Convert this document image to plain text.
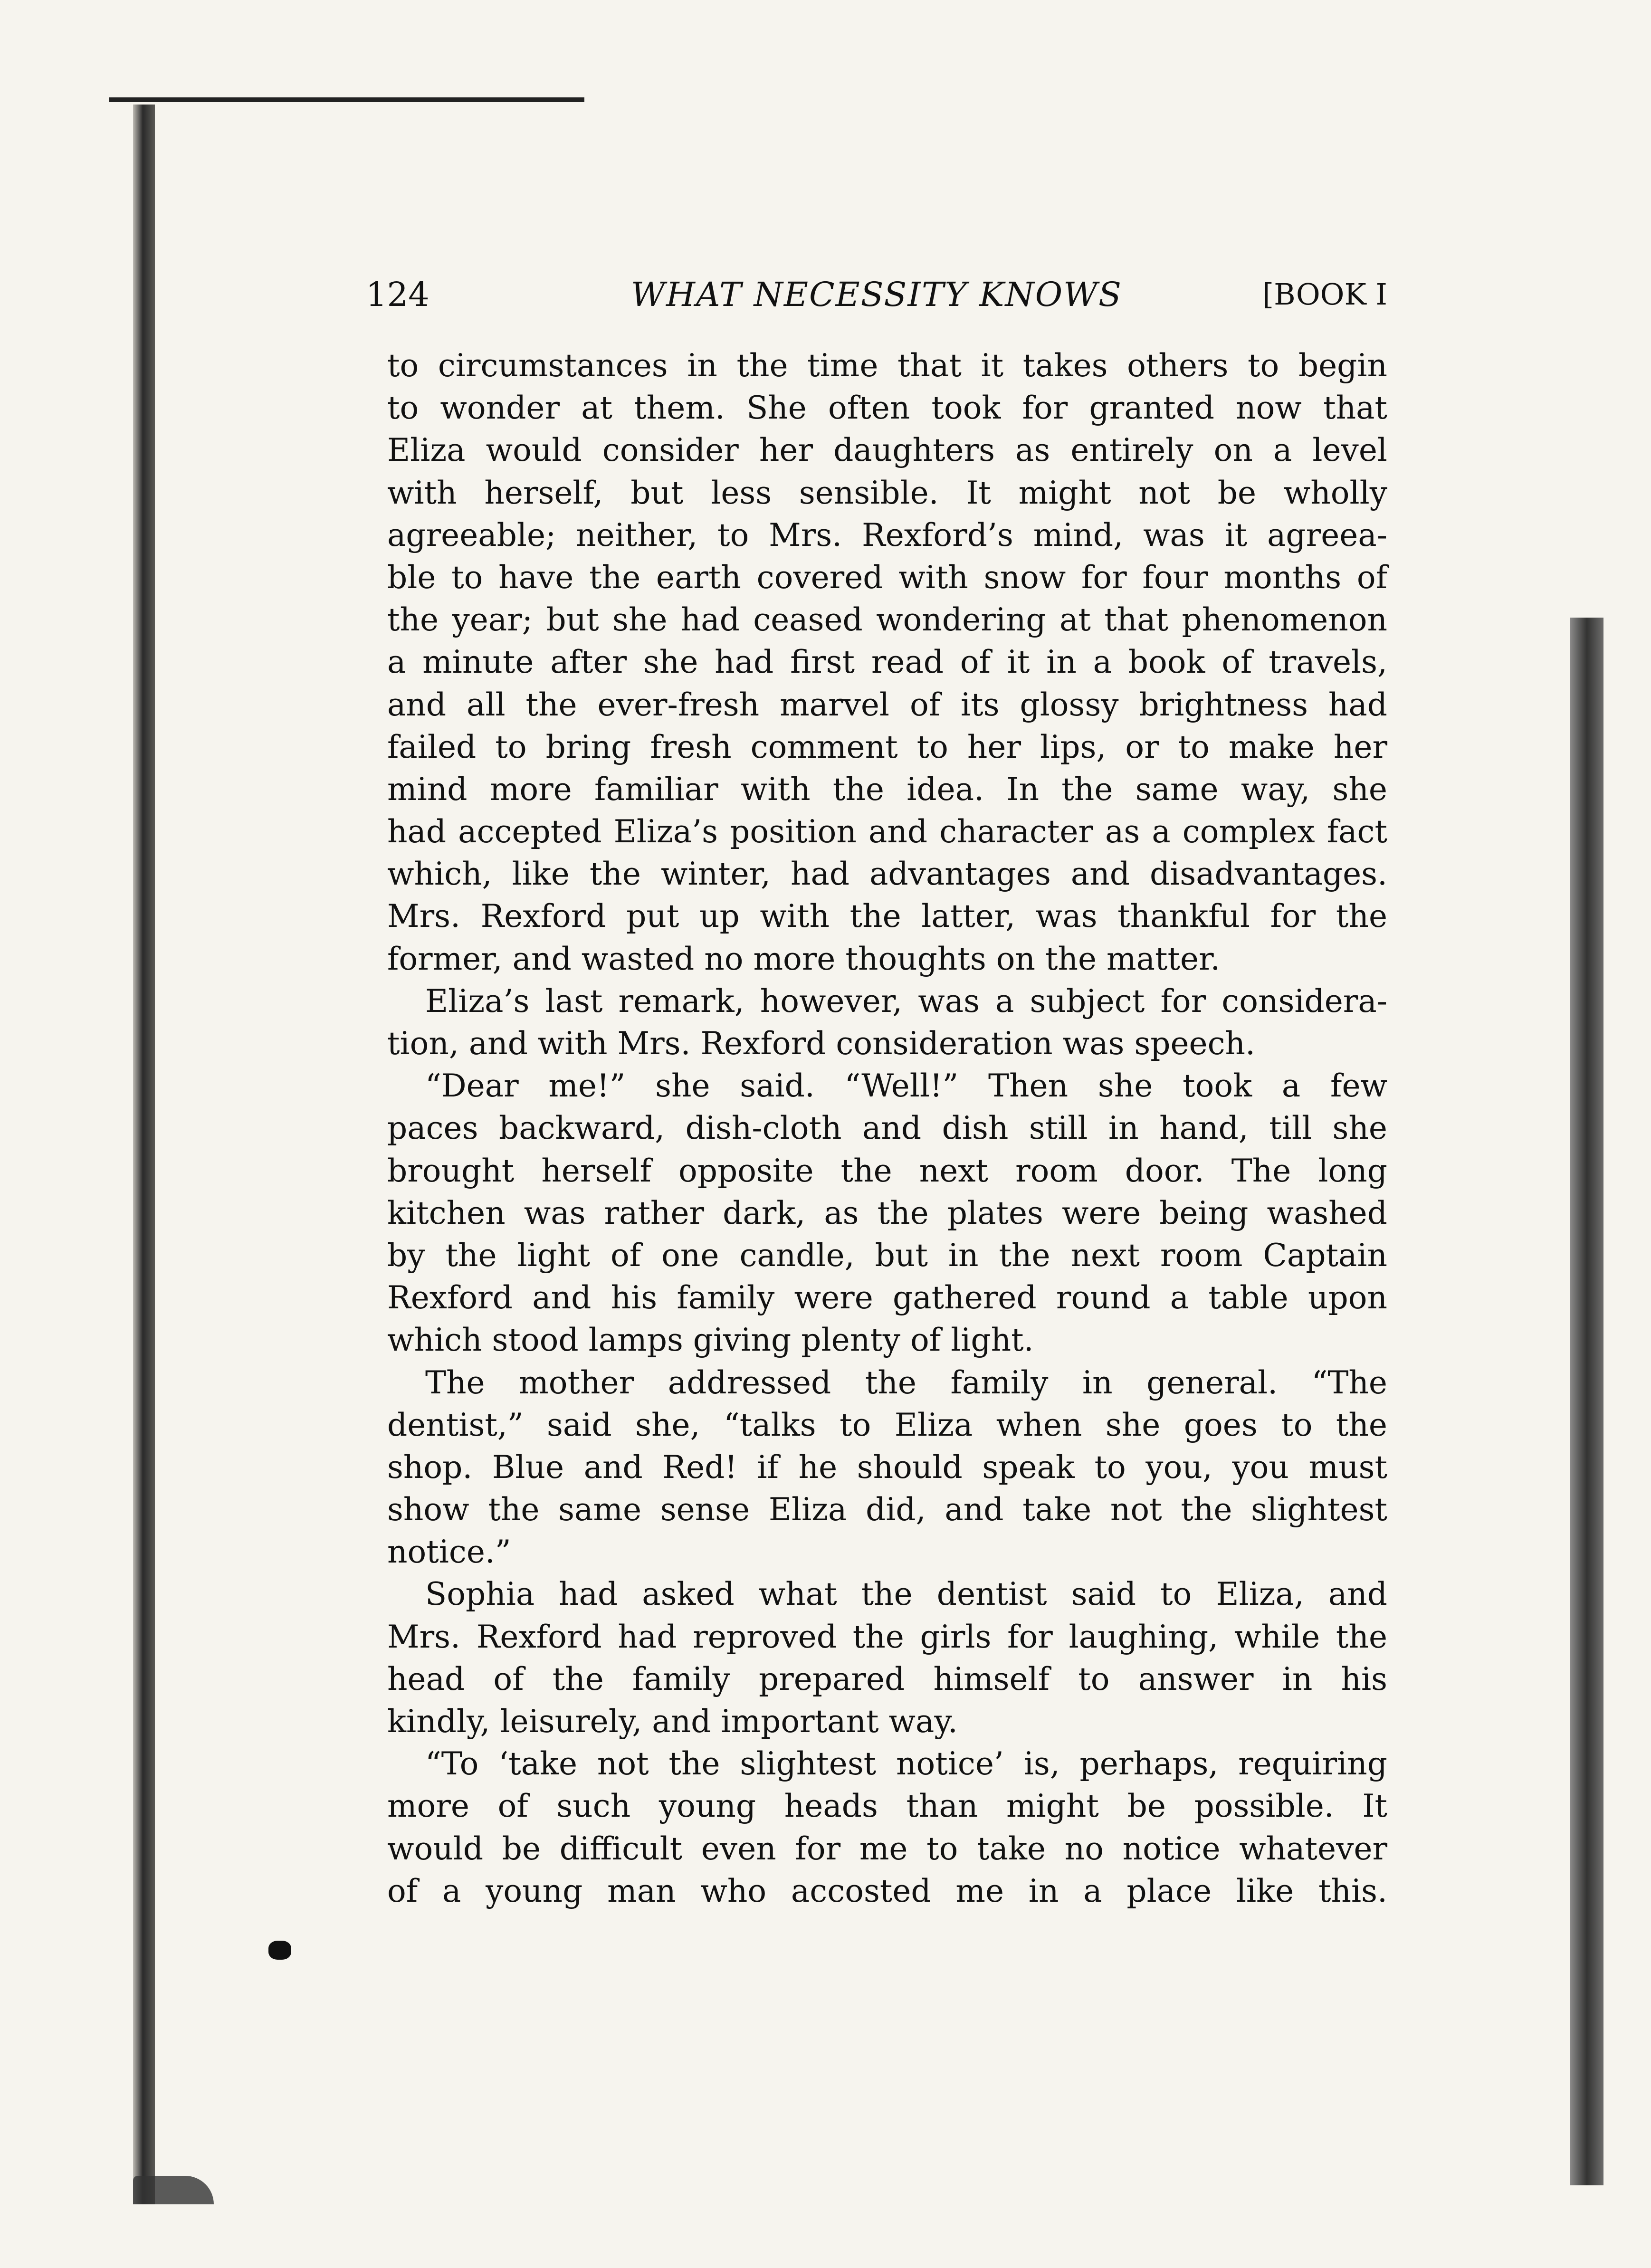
124	WHAT NECESSITY KNOWS	[BOOK I
to circumstances in the time that it takes others to begin
to wonder at them. She often took for granted now that
Eliza would consider her daughters as entirely on a level
with herself, but less sensible. It might not be wholly
agreeable; neither, to Mrs. Rexford’s mind, was it agreea-
ble to have the earth covered with snow for four months of
the year; but she had ceased wondering at that phenomenon
a minute after she had first read of it in a book of travels,
and all the ever-fresh marvel of its glossy brightness had
failed to bring fresh comment to her lips, or to make her
mind more familiar with the idea. In the same way, she
had accepted Eliza’s position and character as a complex fact
which, like the winter, had advantages and disadvantages.
Mrs. Rexford put up with the latter, was thankful for the
former, and wasted no more thoughts on the matter.
Eliza’s last remark, however, was a subject for considera-
tion, and with Mrs. Rexford consideration was speech.
“Dear me!” she said. “Well!” Then she took a few
paces backward, dish-cloth and dish still in hand, till she
brought herself opposite the next room door. The long
kitchen was rather dark, as the plates were being washed
by the light of one candle, but in the next room Captain
Rexford and his family were gathered round a table upon
which stood lamps giving plenty of light.
The mother addressed the family in general. “The
dentist,” said she, “talks to Eliza when she goes to the
shop. Blue and Red! if he should speak to you, you must
show the same sense Eliza did, and take not the slightest
notice.”
Sophia had asked what the dentist said to Eliza, and
Mrs. Rexford had reproved the girls for laughing, while the
head of the family prepared himself to answer in his
kindly, leisurely, and important way.
“To ‘take not the slightest notice’ is, perhaps, requiring
more of such young heads than might be possible. It
would be difficult even for me to take no notice whatever
of a young man who accosted me in a place like this.
